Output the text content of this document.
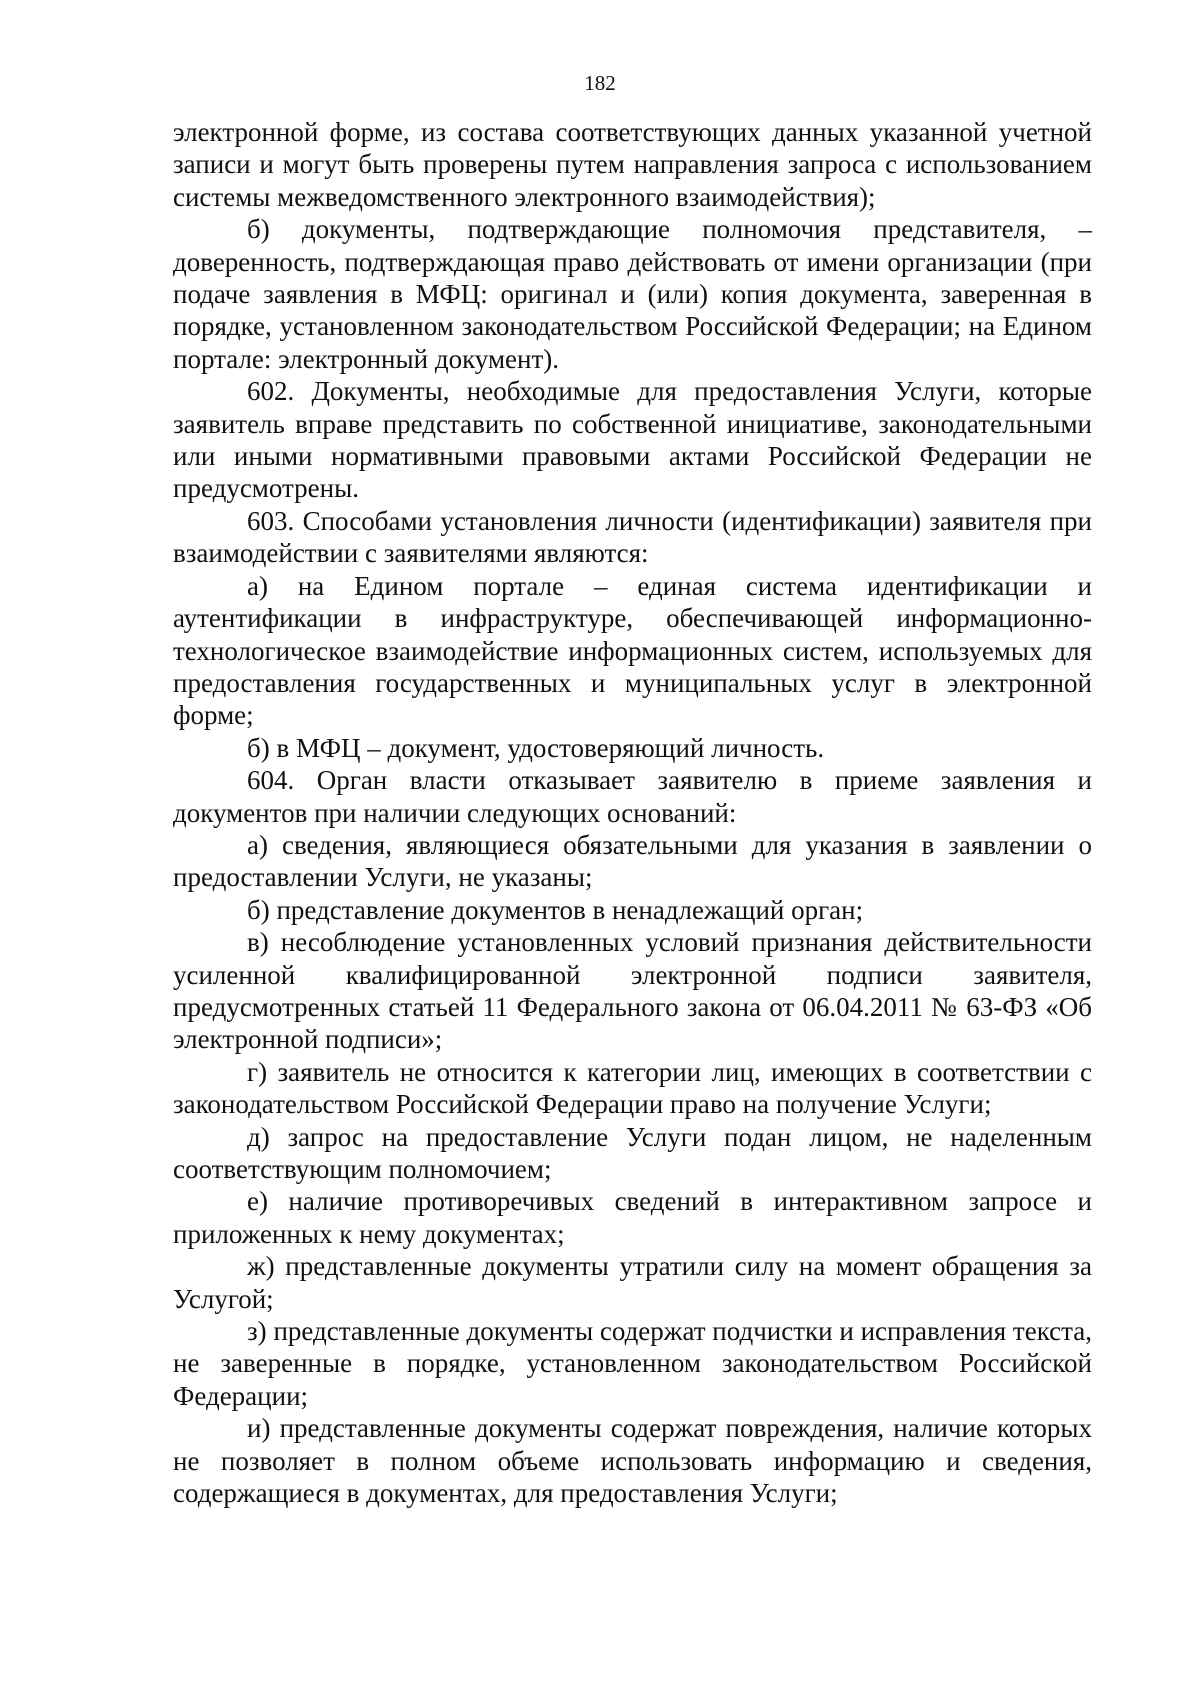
182

электронной форме, из состава соответствующих данных указанной учетной записи и могут быть проверены путем направления запроса с использованием системы межведомственного электронного взаимодействия);

б) документы, подтверждающие полномочия представителя, – доверенность, подтверждающая право действовать от имени организации (при подаче заявления в МФЦ: оригинал и (или) копия документа, заверенная в порядке, установленном законодательством Российской Федерации; на Едином портале: электронный документ).

602. Документы, необходимые для предоставления Услуги, которые заявитель вправе представить по собственной инициативе, законодательными или иными нормативными правовыми актами Российской Федерации не предусмотрены.

603. Способами установления личности (идентификации) заявителя при взаимодействии с заявителями являются:

а) на Едином портале – единая система идентификации и аутентификации в инфраструктуре, обеспечивающей информационно-технологическое взаимодействие информационных систем, используемых для предоставления государственных и муниципальных услуг в электронной форме;

б) в МФЦ – документ, удостоверяющий личность.

604. Орган власти отказывает заявителю в приеме заявления и документов при наличии следующих оснований:

а) сведения, являющиеся обязательными для указания в заявлении о предоставлении Услуги, не указаны;

б) представление документов в ненадлежащий орган;

в) несоблюдение установленных условий признания действительности усиленной квалифицированной электронной подписи заявителя, предусмотренных статьей 11 Федерального закона от 06.04.2011 № 63-ФЗ «Об электронной подписи»;

г) заявитель не относится к категории лиц, имеющих в соответствии с законодательством Российской Федерации право на получение Услуги;

д) запрос на предоставление Услуги подан лицом, не наделенным соответствующим полномочием;

е) наличие противоречивых сведений в интерактивном запросе и приложенных к нему документах;

ж) представленные документы утратили силу на момент обращения за Услугой;

з) представленные документы содержат подчистки и исправления текста, не заверенные в порядке, установленном законодательством Российской Федерации;

и) представленные документы содержат повреждения, наличие которых не позволяет в полном объеме использовать информацию и сведения, содержащиеся в документах, для предоставления Услуги;
